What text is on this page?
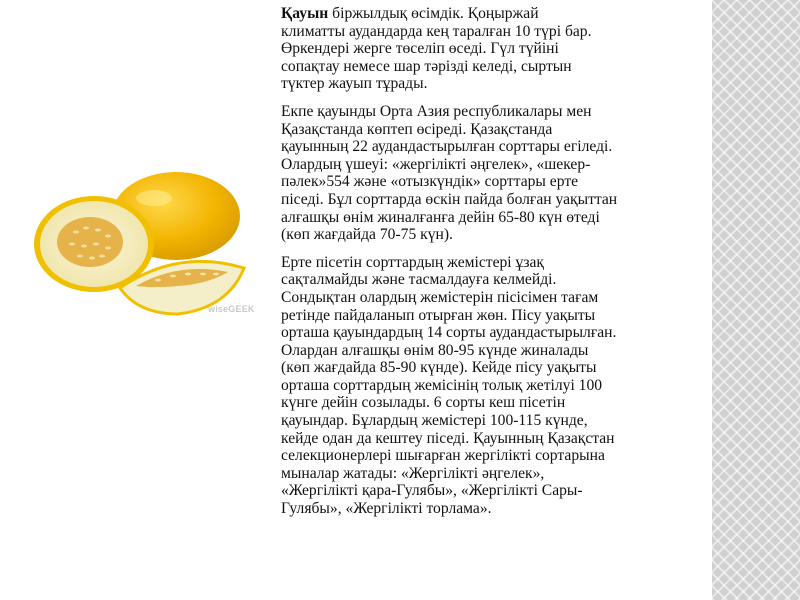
wiseGEEK

Қауын біржылдық өсімдік. Қоңыржай
климатты аудандарда кең таралған 10 түрі бар.
Өркендері жерге төселіп өседі. Гүл түйіні
сопақтау немесе шар тәрізді келеді, сыртын
түктер жауып тұрады.

Екпе қауынды Орта Азия республикалары мен
Қазақстанда көптеп өсіреді. Қазақстанда
қауынның 22 аудандастырылған сорттары егіледі.
Олардың үшеуі: «жергілікті әңгелек», «шекер-
пәлек»554 және «отызкүндік» сорттары ерте
піседі. Бұл сорттарда өскін пайда болған уақыттан
алғашқы өнім жиналғанға дейін 65-80 күн өтеді
(көп жағдайда 70-75 күн).

Ерте пісетін сорттардың жемістері ұзақ
сақталмайды және тасмалдауға келмейді.
Сондықтан олардың жемістерін пісісімен тағам
ретінде пайдаланып отырған жөн. Пісу уақыты
орташа қауындардың 14 сорты аудандастырылған.
Олардан алғашқы өнім 80-95 күнде жиналады
(көп жағдайда 85-90 күнде). Кейде пісу уақыты
орташа сорттардың жемісінің толық жетілуі 100
күнге дейін созылады. 6 сорты кеш пісетін
қауындар. Бұлардың жемістері 100-115 күнде,
кейде одан да кештеу піседі. Қауынның Қазақстан
селекционерлері шығарған жергілікті сортарына
мыналар жатады: «Жергілікті әңгелек»,
«Жергілікті қара-Гулябы», «Жергілікті Сары-
Гулябы», «Жергілікті торлама».
